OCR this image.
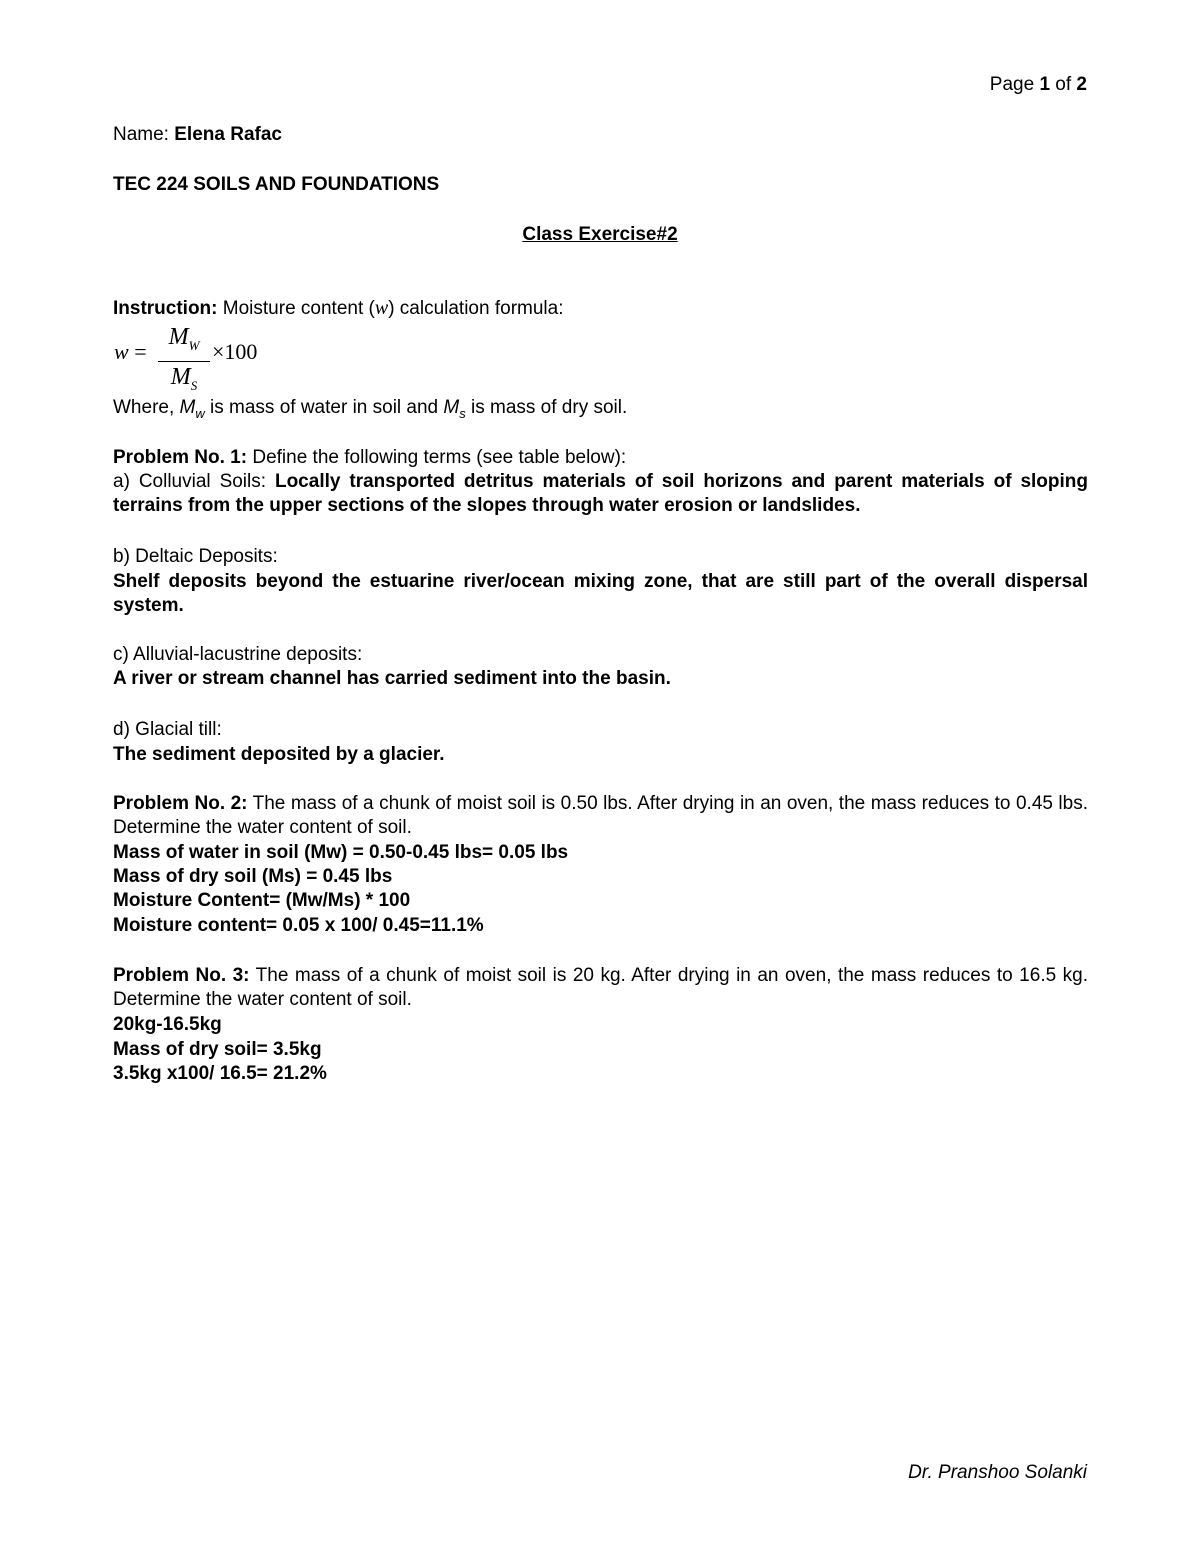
Page 1 of 2
Name: Elena Rafac
TEC 224 SOILS AND FOUNDATIONS
Class Exercise#2
Instruction: Moisture content (w) calculation formula:
w =
$M_W$
$M_S$
×100
Where, $M_w$ is mass of water in soil and $M_s$ is mass of dry soil.
Problem No. 1: Define the following terms (see table below):
a) Colluvial Soils: Locally transported detritus materials of soil horizons and parent materials of sloping terrains from the upper sections of the slopes through water erosion or landslides.
b) Deltaic Deposits:
Shelf deposits beyond the estuarine river/ocean mixing zone, that are still part of the overall dispersal system.
c) Alluvial-lacustrine deposits:
A river or stream channel has carried sediment into the basin.
d) Glacial till:
The sediment deposited by a glacier.
Problem No. 2: The mass of a chunk of moist soil is 0.50 lbs. After drying in an oven, the mass reduces to 0.45 lbs. Determine the water content of soil.
Mass of water in soil (Mw) = 0.50-0.45 lbs= 0.05 lbs
Mass of dry soil (Ms) = 0.45 lbs
Moisture Content= (Mw/Ms) * 100
Moisture content= 0.05 x 100/ 0.45=11.1%
Problem No. 3: The mass of a chunk of moist soil is 20 kg. After drying in an oven, the mass reduces to 16.5 kg. Determine the water content of soil.
20kg-16.5kg
Mass of dry soil= 3.5kg
3.5kg x100/ 16.5= 21.2%
Dr. Pranshoo Solanki
